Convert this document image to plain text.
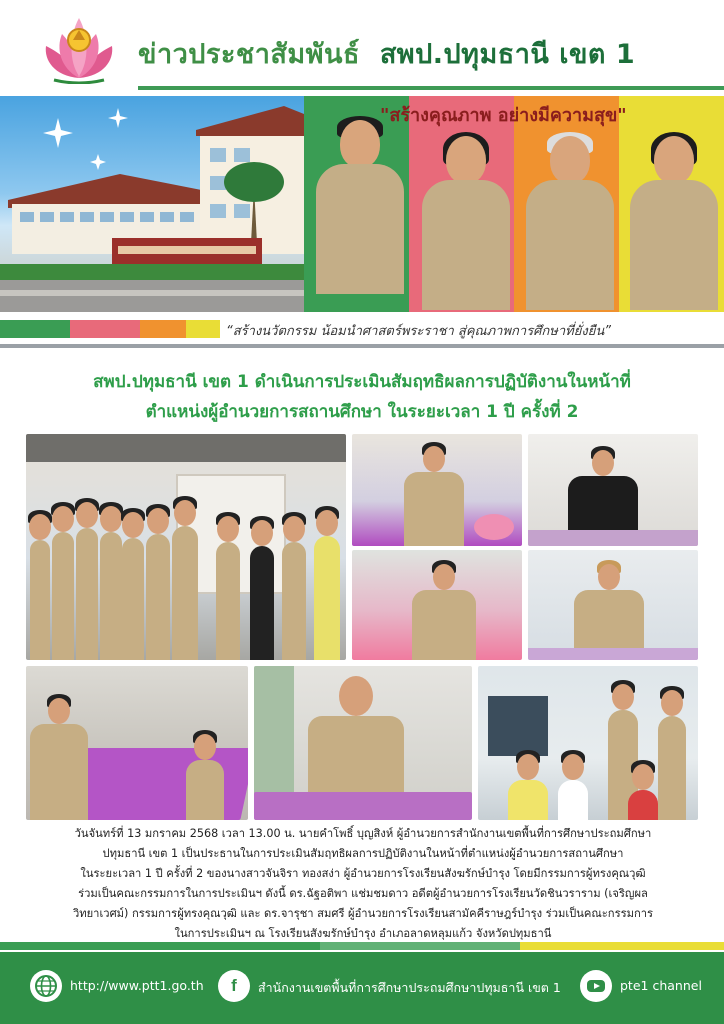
ข่าวประชาสัมพันธ์ สพป.ปทุมธานี เขต 1
"สร้างคุณภาพ อย่างมีความสุข"
“สร้างนวัตกรรม น้อมนำศาสตร์พระราชา สู่คุณภาพการศึกษาที่ยั่งยืน”
สพป.ปทุมธานี เขต 1 ดำเนินการประเมินสัมฤทธิผลการปฏิบัติงานในหน้าที่
ตำแหน่งผู้อำนวยการสถานศึกษา ในระยะเวลา 1 ปี ครั้งที่ 2
วันจันทร์ที่ 13 มกราคม 2568 เวลา 13.00 น. นายคำโพธิ์ บุญสิงห์ ผู้อำนวยการสำนักงานเขตพื้นที่การศึกษาประถมศึกษา
ปทุมธานี เขต 1 เป็นประธานในการประเมินสัมฤทธิผลการปฏิบัติงานในหน้าที่ตำแหน่งผู้อำนวยการสถานศึกษา
ในระยะเวลา 1 ปี ครั้งที่ 2 ของนางสาวจันจิรา ทองสง่า ผู้อำนวยการโรงเรียนสังฆรักษ์บำรุง โดยมีกรรมการผู้ทรงคุณวุฒิ
ร่วมเป็นคณะกรรมการในการประเมินฯ ดังนี้ ดร.ฉัฐอติพา แช่มชมดาว อดีตผู้อำนวยการโรงเรียนวัดชินวราราม (เจริญผล
วิทยาเวศม์) กรรมการผู้ทรงคุณวุฒิ และ ดร.จารุชา สมศรี ผู้อำนวยการโรงเรียนสามัคคีราษฎร์บำรุง ร่วมเป็นคณะกรรมการ
ในการประเมินฯ ณ โรงเรียนสังฆรักษ์บำรุง อำเภอลาดหลุมแก้ว จังหวัดปทุมธานี
http://www.ptt1.go.th	f	สำนักงานเขตพื้นที่การศึกษาประถมศึกษาปทุมธานี เขต 1	pte1 channel
